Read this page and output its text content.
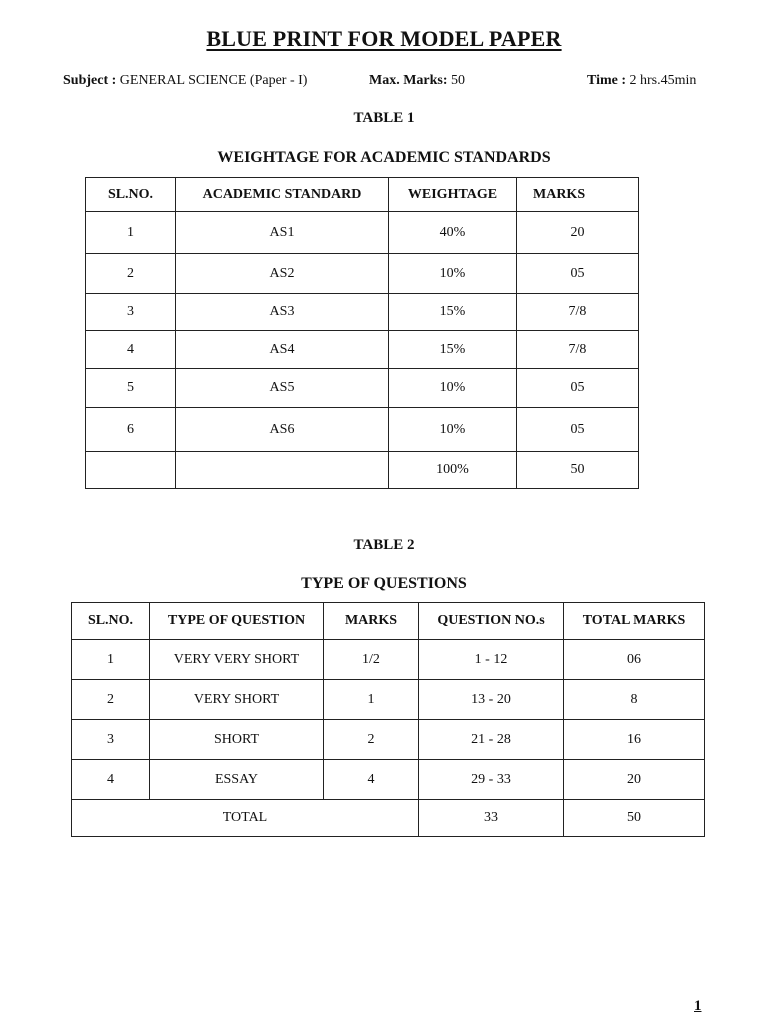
BLUE PRINT FOR MODEL PAPER
Subject : GENERAL SCIENCE (Paper - I)	Max. Marks: 50	Time : 2 hrs.45min
TABLE 1
WEIGHTAGE FOR ACADEMIC STANDARDS
SL.NO.	ACADEMIC STANDARD	WEIGHTAGE	MARKS
1	AS1	40%	20
2	AS2	10%	05
3	AS3	15%	7/8
4	AS4	15%	7/8
5	AS5	10%	05
6	AS6	10%	05
		100%	50
TABLE 2
TYPE OF QUESTIONS
SL.NO.	TYPE OF QUESTION	MARKS	QUESTION NO.s	TOTAL MARKS
1	VERY VERY SHORT	1/2	1 - 12	06
2	VERY SHORT	1	13 - 20	8
3	SHORT	2	21 - 28	16
4	ESSAY	4	29 - 33	20
TOTAL			33	50
1
